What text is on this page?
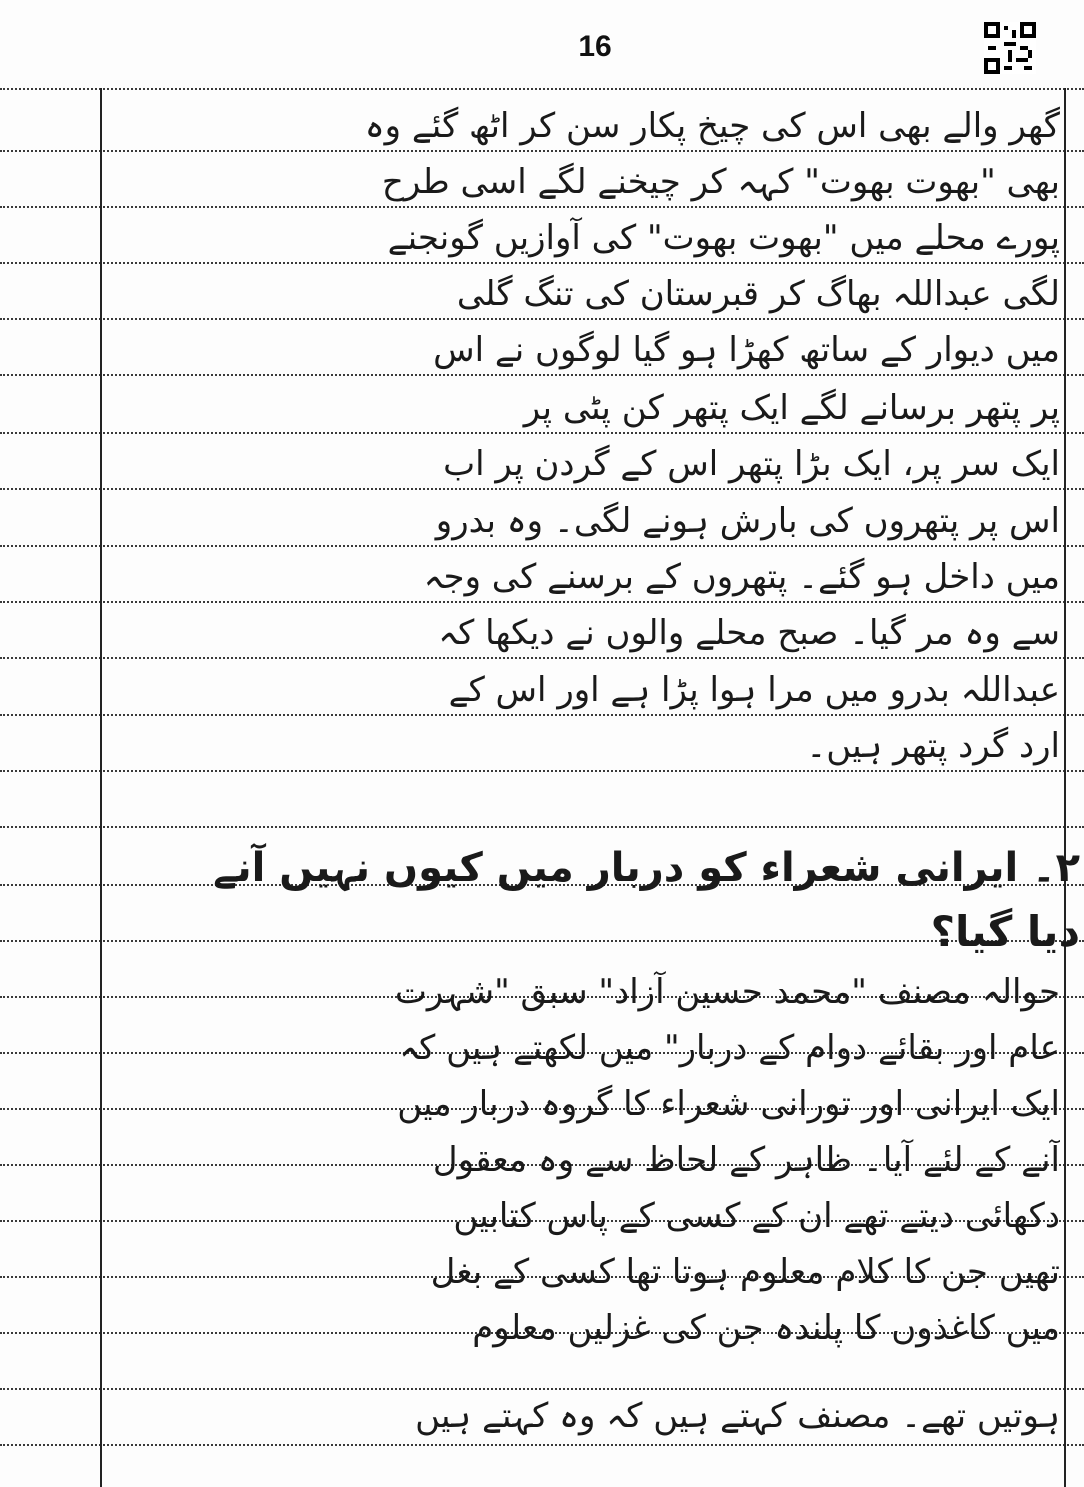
16
گھر والے بھی اس کی چیخ پکار سن کر اٹھ گئے وہ
بھی "بھوت بھوت" کہہ کر چیخنے لگے اسی طرح
پورے محلے میں "بھوت بھوت" کی آوازیں گونجنے
لگی عبداللہ بھاگ کر قبرستان کی تنگ گلی
میں دیوار کے ساتھ کھڑا ہو گیا لوگوں نے اس
پر پتھر برسانے لگے ایک پتھر کن پٹی پر
ایک سر پر، ایک بڑا پتھر اس کے گردن پر اب
اس پر پتھروں کی بارش ہونے لگی۔ وہ بدرو
میں داخل ہو گئے۔ پتھروں کے برسنے کی وجہ
سے وہ مر گیا۔ صبح محلے والوں نے دیکھا کہ
عبداللہ بدرو میں مرا ہوا پڑا ہے اور اس کے
ارد گرد پتھر ہیں۔
۲۔ ایرانی شعراء کو دربار میں کیوں نہیں آنے
دیا گیا؟
حوالہ مصنف "محمد حسین آزاد" سبق "شہرت
عام اور بقائے دوام کے دربار" میں لکھتے ہیں کہ
ایک ایرانی اور تورانی شعراء کا گروہ دربار میں
آنے کے لئے آیا۔ ظاہر کے لحاظ سے وہ معقول
دکھائی دیتے تھے ان کے کسی کے پاس کتابیں
تھیں جن کا کلام معلوم ہوتا تھا کسی کے بغل
میں کاغذوں کا پلندہ جن کی غزلیں معلوم
ہوتیں تھے۔ مصنف کہتے ہیں کہ وہ کہتے ہیں
